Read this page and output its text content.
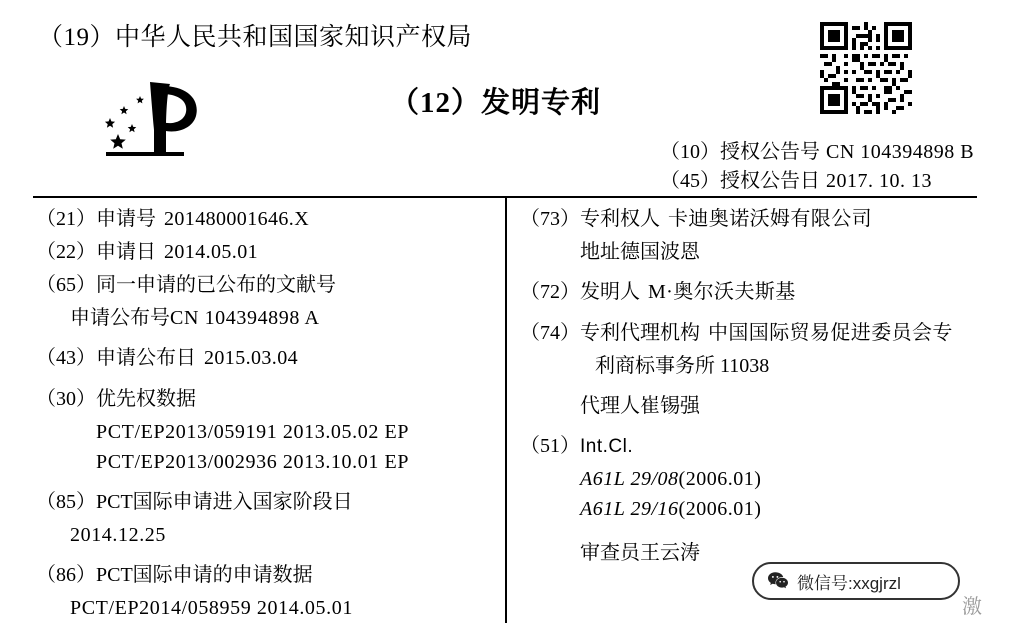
（19）中华人民共和国国家知识产权局
（12）发明专利
（10）授权公告号 CN 104394898 B
（45）授权公告日 2017. 10. 13
（21）申请号 201480001646.X
（22）申请日 2014.05.01
（65）同一申请的已公布的文献号
申请公布号CN 104394898 A
（43）申请公布日 2015.03.04
（30）优先权数据
PCT/EP2013/059191 2013.05.02 EP
PCT/EP2013/002936 2013.10.01 EP
（85）PCT国际申请进入国家阶段日
2014.12.25
（86）PCT国际申请的申请数据
PCT/EP2014/058959 2014.05.01
（73）专利权人 卡迪奥诺沃姆有限公司
地址德国波恩
（72）发明人 M·奥尔沃夫斯基
（74）专利代理机构 中国国际贸易促进委员会专
利商标事务所 11038
代理人崔锡强
（51）Int.Cl.
A61L 29/08(2006.01)
A61L 29/16(2006.01)
审查员王云涛
微信号:xxgjrzl
激
